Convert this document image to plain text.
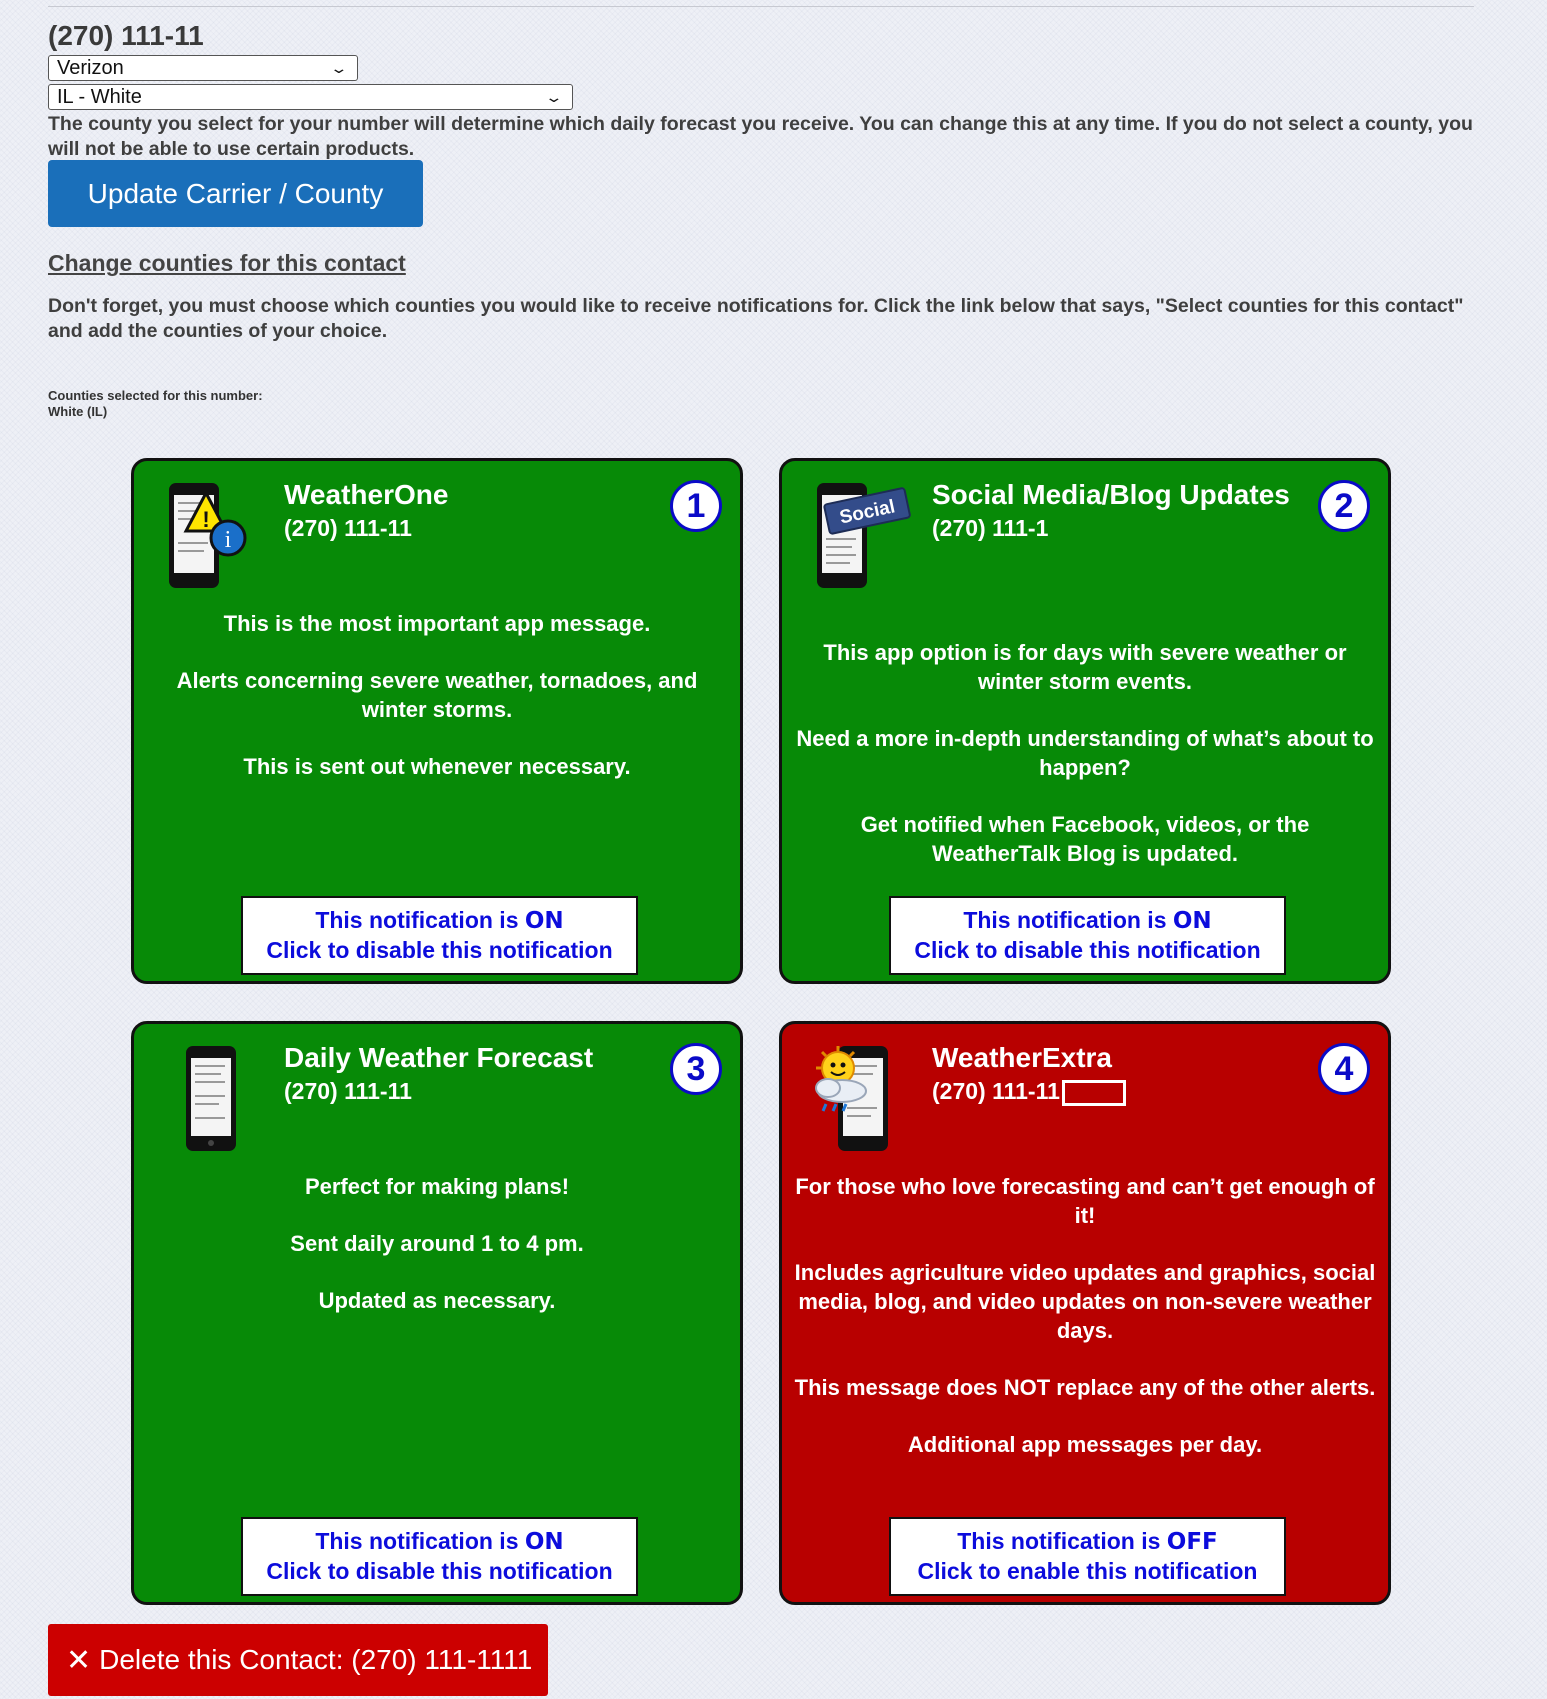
(270) 111-11
Verizon	⌄
IL - White	⌄
The county you select for your number will determine which daily forecast you receive. You can change this at any time. If you do not select a county, you will not be able to use certain products.
Update Carrier / County
Change counties for this contact
Don't forget, you must choose which counties you would like to receive notifications for. Click the link below that says, "Select counties for this contact" and add the counties of your choice.
Counties selected for this number:
White (IL)
!
i
WeatherOne
(270) 111-11
1

This is the most important app message.

Alerts concerning severe weather, tornadoes, and winter storms.

This is sent out whenever necessary.

This notification is ON
Click to disable this notification
Social
Social Media/Blog Updates
(270) 111-1
2

This app option is for days with severe weather or winter storm events.

Need a more in-depth understanding of what’s about to happen?

Get notified when Facebook, videos, or the WeatherTalk Blog is updated.

This notification is ON
Click to disable this notification
Daily Weather Forecast
(270) 111-11
3

Perfect for making plans!

Sent daily around 1 to 4 pm.

Updated as necessary.

This notification is ON
Click to disable this notification
WeatherExtra
(270) 111-11
4

For those who love forecasting and can’t get enough of it!

Includes agriculture video updates and graphics, social media, blog, and video updates on non-severe weather days.

This message does NOT replace any of the other alerts.

Additional app messages per day.

This notification is OFF
Click to enable this notification
✕ Delete this Contact: (270) 111-1111
